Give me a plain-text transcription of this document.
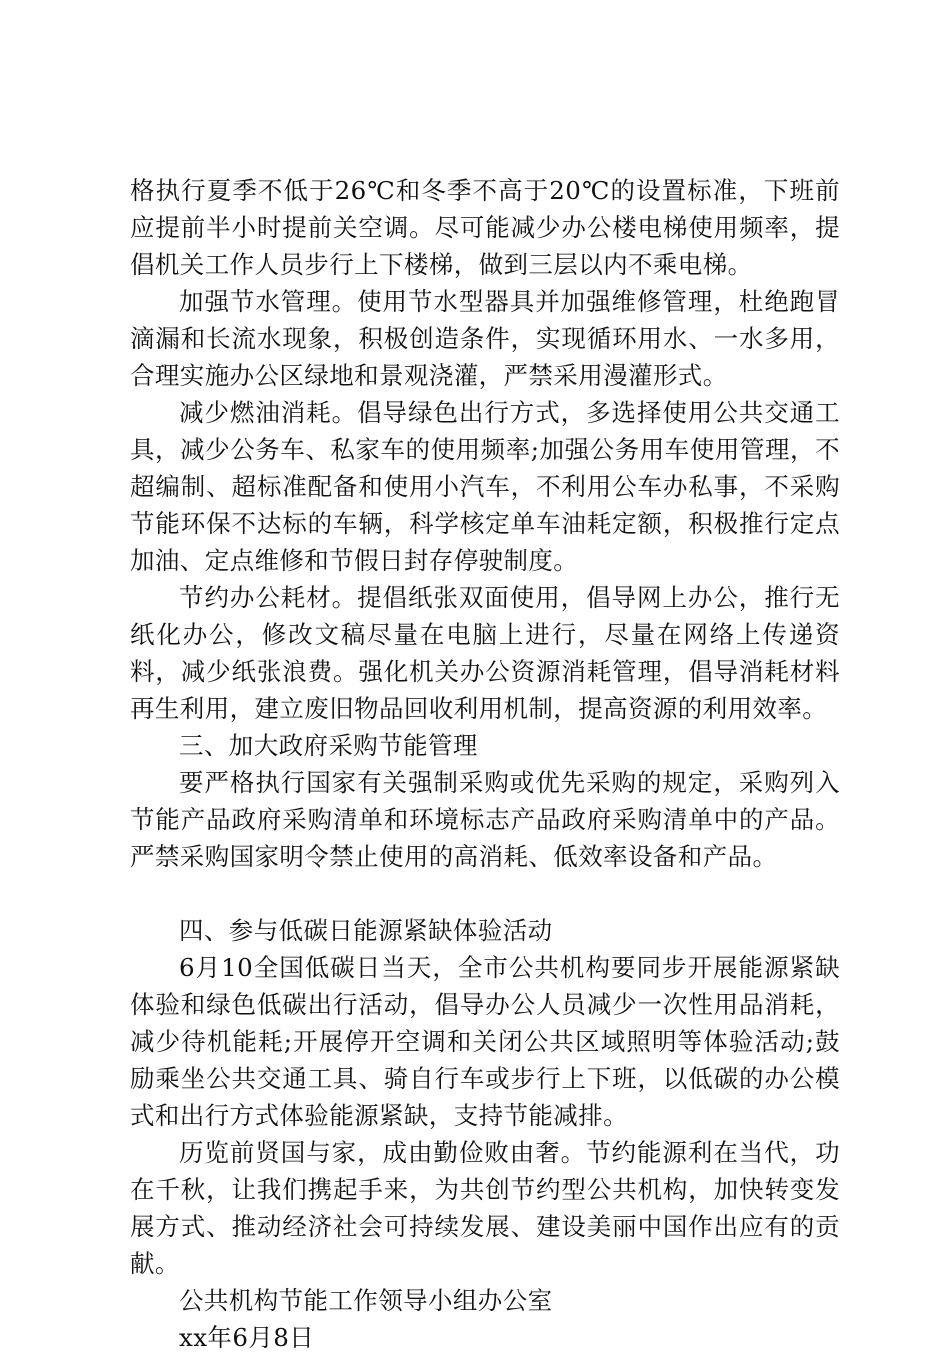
格执行夏季不低于26℃和冬季不高于20℃的设置标准，下班前应提前半小时提前关空调。尽可能减少办公楼电梯使用频率，提倡机关工作人员步行上下楼梯，做到三层以内不乘电梯。

加强节水管理。使用节水型器具并加强维修管理，杜绝跑冒滴漏和长流水现象，积极创造条件，实现循环用水、一水多用，合理实施办公区绿地和景观浇灌，严禁采用漫灌形式。

减少燃油消耗。倡导绿色出行方式，多选择使用公共交通工具，减少公务车、私家车的使用频率;加强公务用车使用管理，不超编制、超标准配备和使用小汽车，不利用公车办私事，不采购节能环保不达标的车辆，科学核定单车油耗定额，积极推行定点加油、定点维修和节假日封存停驶制度。

节约办公耗材。提倡纸张双面使用，倡导网上办公，推行无纸化办公，修改文稿尽量在电脑上进行，尽量在网络上传递资料，减少纸张浪费。强化机关办公资源消耗管理，倡导消耗材料再生利用，建立废旧物品回收利用机制，提高资源的利用效率。

三、加大政府采购节能管理

要严格执行国家有关强制采购或优先采购的规定，采购列入节能产品政府采购清单和环境标志产品政府采购清单中的产品。严禁采购国家明令禁止使用的高消耗、低效率设备和产品。

四、参与低碳日能源紧缺体验活动

6月10全国低碳日当天，全市公共机构要同步开展能源紧缺体验和绿色低碳出行活动，倡导办公人员减少一次性用品消耗，减少待机能耗;开展停开空调和关闭公共区域照明等体验活动;鼓励乘坐公共交通工具、骑自行车或步行上下班，以低碳的办公模式和出行方式体验能源紧缺，支持节能减排。

历览前贤国与家，成由勤俭败由奢。节约能源利在当代，功在千秋，让我们携起手来，为共创节约型公共机构，加快转变发展方式、推动经济社会可持续发展、建设美丽中国作出应有的贡献。

公共机构节能工作领导小组办公室

xx年6月8日
